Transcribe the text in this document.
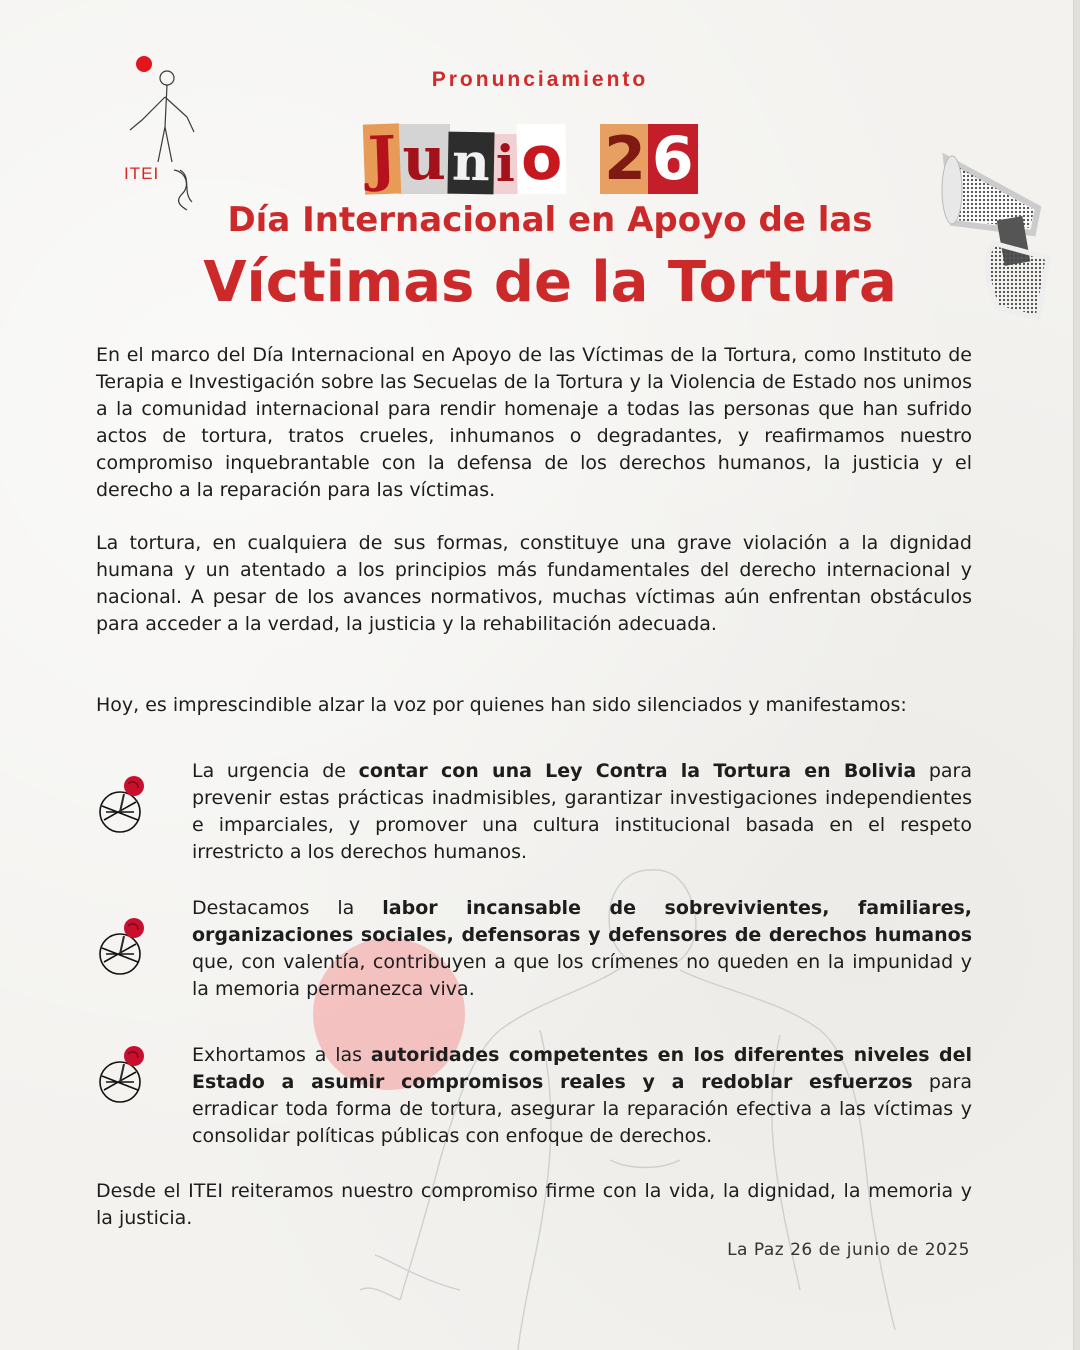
ITEI
Pronunciamiento
J u n i o 2 6
Día Internacional en Apoyo de las
Víctimas de la Tortura
En el marco del Día Internacional en Apoyo de las Víctimas de la Tortura, como Instituto de Terapia e Investigación sobre las Secuelas de la Tortura y la Violencia de Estado nos unimos a la comunidad internacional para rendir homenaje a todas las personas que han sufrido actos de tortura, tratos crueles, inhumanos o degradantes, y reafirmamos nuestro compromiso inquebrantable con la defensa de los derechos humanos, la justicia y el derecho a la reparación para las víctimas.
La tortura, en cualquiera de sus formas, constituye una grave violación a la dignidad humana y un atentado a los principios más fundamentales del derecho internacional y nacional. A pesar de los avances normativos, muchas víctimas aún enfrentan obstáculos para acceder a la verdad, la justicia y la rehabilitación adecuada.
Hoy, es imprescindible alzar la voz por quienes han sido silenciados y manifestamos:
La urgencia de contar con una Ley Contra la Tortura en Bolivia para prevenir estas prácticas inadmisibles, garantizar investigaciones independientes e imparciales, y promover una cultura institucional basada en el respeto irrestricto a los derechos humanos.
Destacamos la labor incansable de sobrevivientes, familiares, organizaciones sociales, defensoras y defensores de derechos humanos que, con valentía, contribuyen a que los crímenes no queden en la impunidad y la memoria permanezca viva.
Exhortamos a las autoridades competentes en los diferentes niveles del Estado a asumir compromisos reales y a redoblar esfuerzos para erradicar toda forma de tortura, asegurar la reparación efectiva a las víctimas y consolidar políticas públicas con enfoque de derechos.
Desde el ITEI reiteramos nuestro compromiso firme con la vida, la dignidad, la memoria y la justicia.
La Paz 26 de junio de 2025
